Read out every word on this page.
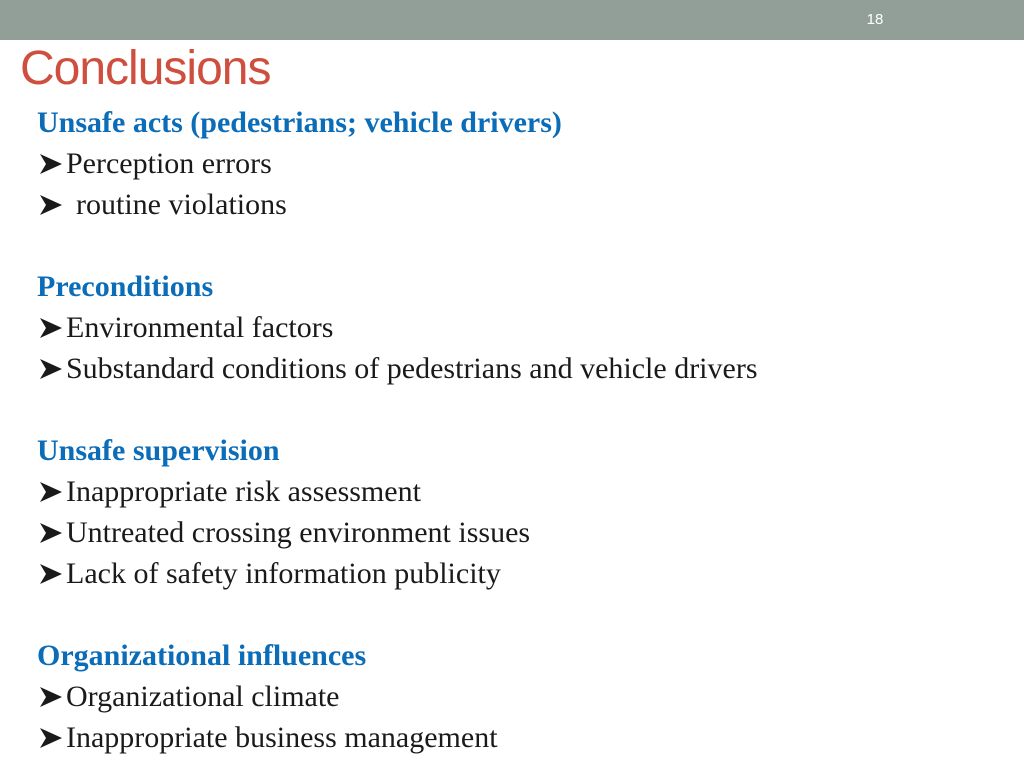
18
Conclusions
Unsafe acts (pedestrians; vehicle drivers)
Perception errors
routine violations
Preconditions
Environmental factors
Substandard conditions of pedestrians and vehicle drivers
Unsafe supervision
Inappropriate risk assessment
Untreated crossing environment issues
Lack of safety information publicity
Organizational influences
Organizational climate
Inappropriate business management
